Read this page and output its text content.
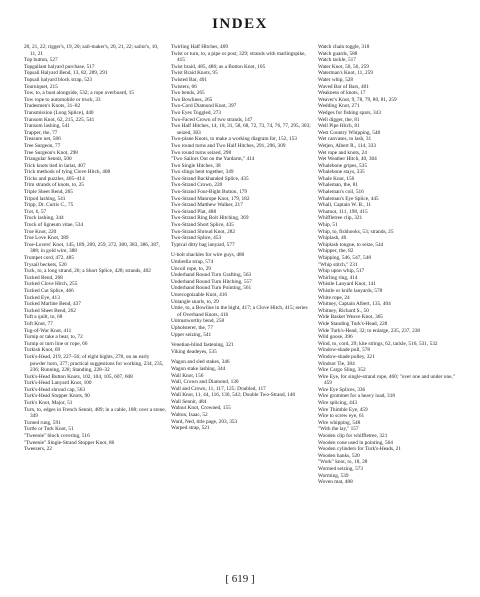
INDEX
20, 21, 22; rigger's, 19, 20; sail-maker's, 20, 21, 22; sailor's, 10, 11, 21
Top button, 527
Topgallant halyard purchase, 517
Topsail Halyard Bend, 13, 82, 289, 291
Topsail halyard block strap, 523
Tourniquet, 215
Tow, to, a boat alongside, 532; a rope overboard, 15
Tow rope to automobile or truck, 33
Tradesmen's Knots, 31–82
Transmission (Long Splice), 440
Transom Knot, 62, 215, 225, 541
Transom lashing, 541
Trapper, the, 77
Treasure net, 586
Tree Surgeon, 77
Tree Surgeon's Knot, 298
Triangular Sennit, 500
Trick knots tied in lariat, 407
Trick methods of tying Clove Hitch, 408
Tricks and puzzles, 405–414
Trim strands of knots, to, 25
Triple Sheet Bend, 265
Tripod lashing, 541
Tripp, Dr. Curtis C., 75
Trot, 6, 57
Truck lashing, 344
Truck of ligneum vitae, 534
True Knot, 220
True Love Knot, 389
True-Lovers' Knot, 145, 189, 209, 259, 372, 380, 383, 386, 387, 388; in gold wire, 388
Trumpet cord, 472, 485
Trysail beckets, 520
Tuck, to, a long strand, 26; a Short Splice, 428; strands, 402
Tucked Bend, 268
Tucked Clove Hitch, 255
Tucked Cut Splice, 466
Tucked Eye, 413
Tucked Marline Bend, 437
Tucked Sheet Bend, 262
Tuft a quilt, to, 68
Tuft Knot, 77
Tug-of-War Knot, 411
Turnip or take a bear, to, 72
Turnip or turn line or rope, 66
Turkish Knot, 69
Turk's-Head, 219, 227–56; of eight bights, 278, on an early powder horn, 377; practical suggestions for working, 234, 235, 236; Running, 228; Standing, 228–32
Turk's-Head Button Knots, 102, 104, 105, 607, 608
Turk's-Head Lanyard Knot, 100
Turk's-Head shroud cap, 563
Turk's-Head Stopper Knots, 90
Turk's Knot, Major, 51
Turn, to, edges in French Sennit, 489; in a cable, 188; over a stone, 349
Turned rung, 591
Turtle or Turk Knot, 51
"Tweenie" block covering, 516
"Tweenie" Single-Strand Stopper Knot, 86
Tweezers, 22
Twirling Half Hitches, 409
Twist or turn, to, a pipe or post, 329; strands with marlingspike, 415
Twist braid, 485, 486; as a Button Knot, 105
Twist Braid Knots, 95
Twisted Bar, 401
Twisters, 66
Two bends, 265
Two Bowlines, 265
Two-Cord Diamond Knot, 397
Two Eyes Toggled, 273
Two-Faced Crown of two strands, 147
Two Half Hitches, 14, 18, 31, 58, 68, 72, 73, 74, 76, 77, 295, 303; seized, 303
Two-plane Knots, to make a working diagram for, 152, 153
Two round turns and Two Half Hitches, 291, 296, 309
Two round turns seized, 298
"Two Sailors Out on the Yardarm," 414
Two Single Hitches, 38
Two slings bent together, 349
Two-Strand Backhanded Splice, 435
Two-Strand Crown, 220
Two-Strand Four-Bight Button, 179
Two-Strand Manrope Knot, 179, 182
Two-Strand Matthew Walker, 217
Two-Strand Plat, 488
Two-Strand Ring Bolt Hitching, 369
Two-Strand Short Splice, 435
Two-Strand Shroud Knot, 282
Two-Strand Splice, 453
Typical ditty bag lanyard, 577
U-bolt shackles for wire guys, 480
Umbrella strap, 574
Uncoil rope, to, 29
Underhand Round Turn Grafting, 563
Underhand Round Turn Hitching, 557
Underhand Round Turn Pointing, 561
Unrecognizable Knot, 416
Untangle snarls, to, 29
Untie, to, a Bowline in the bight, 417; a Clove Hitch, 415; series of Overhand Knots, 416
Untrustworthy bend, 258
Upholsterer, the, 77
Upper seizing, 541
Venetian-blind fastening, 321
Viking deadeyes, 535
Wagon and sled stakes, 346
Wagon stake lashing, 344
Wall Knot, 156
Wall, Crown and Diamond, 130
Wall and Crown, 11, 117, 125; Doubled, 117
Wall Knot, 11, 44, 116, 130, 542; Double Two-Strand, 140
Wall Sennit, 484
Walnut Knot, Crowned, 155
Walton, Isaac, 52
Ward, Ned, title page, 203, 353
Warped strap, 521
Watch chain toggle, 318
Watch guards, 588
Watch tackle, 517
Water Knot, 50, 56, 259
Waterman's Knot, 11, 259
Water whip, 528
Waved Bar of Bars, 401
Weakness of knots, 17
Weaver's Knot, 9, 78, 79, 80, 81, 259
Wedding Knot, 271
Wedges for fishing spars, 343
Well digger, the, 81
Well Pipe Hitch, 81
West Country Whipping, 548
Wet canvases, to lash, 31
Wetjen, Albert R., 114, 333
Wet rope and knots, 24
Wet Weather Hitch, 40, 304
Whalebone gripes, 535
Whalebone stays, 335
Whale Knot, 156
Whaleman, the, 81
Whaleman's coil, 516
Whaleman's Eye Splice, 445
Whall, Captain W. B., 11
Whatnot, 111, 198, 415
Whiffletree clip, 321
Whip, 51
Whip, to, fishhooks, 53; strands, 25
Whiplash, 46
Whiplash tongue, to seize, 544
Whipper, the, 82
Whipping, 546, 547, 548
"Whip stitch," 231
Whip upon whip, 517
Whirling ring, 414
Whistle Lanyard Knot, 141
Whistle or knife lanyards, 578
White rope, 24
Whitney, Captain Albert, 135, 404
Whitney, Richard S., 50
Wide Basket Weave Knot, 365
Wide Standing Turk's-Head, 228
Wide Turk's-Head, 32; to enlarge, 235, 237, 238
Wild goose, 396
Wind, to, cord, 29; kite strings, 62, tackle, 516, 531, 532
Window-shade pull, 578
Window-shade pulley, 321
Windsor Tie, 384
Wire Cargo Sling, 352
Wire Eye, for single-strand rope, 460; "over one and under one," 459
Wire Eye Splices, 336
Wire grommet for a heavy load, 318
Wire splicing, 443
Wire Thimble Eye, 459
Wire to screw eye, 61
Wire whipping, 548
"With the lay," 157
Wooden clip for whiffletree, 321
Wooden cone used in pointing, 564
Wooden cylinders for Turk's-Heads, 21
Wooden hanks, 520
"Work" knot, to, 18, 28
Wormed seizing, 573
Worming, 539
Woven mat, 488
[ 619 ]
